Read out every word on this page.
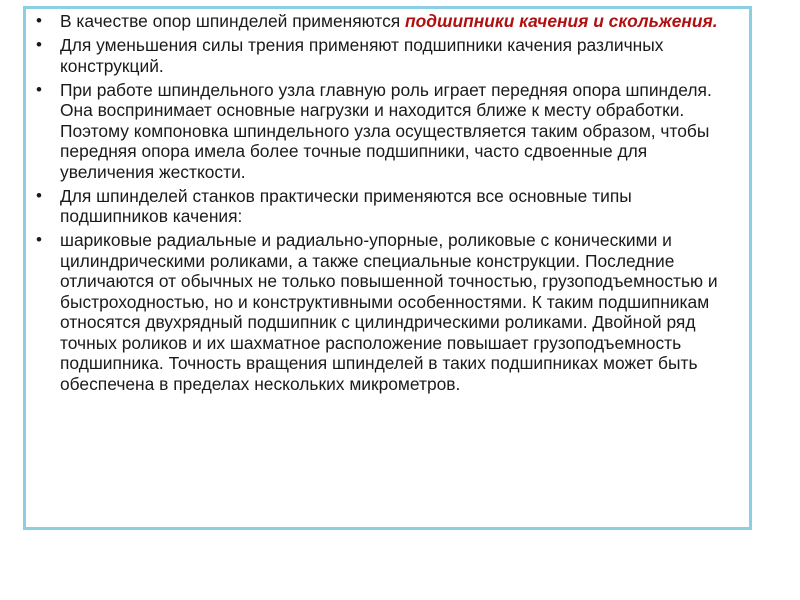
• В качестве опор шпинделей применяются подшипники качения и скольжения.
• Для уменьшения силы трения применяют подшипники качения различных конструкций.
• При работе шпиндельного узла главную роль играет передняя опора шпинделя. Она воспринимает основные нагрузки и находится ближе к месту обработки. Поэтому компоновка шпиндельного узла осуществляется таким образом, чтобы передняя опора имела более точные подшипники, часто сдвоенные для увеличения жесткости.
• Для шпинделей станков практически применяются все основные типы подшипников качения:
• шариковые радиальные и радиально-упорные, роликовые с коническими и цилиндрическими роликами, а также специальные конструкции. Последние отличаются от обычных не только повышенной точностью, грузоподъемностью и быстроходностью, но и конструктивными особенностями. К таким подшипникам относятся двухрядный подшипник с цилиндрическими роликами. Двойной ряд точных роликов и их шахматное расположение повышает грузоподъемность подшипника. Точность вращения шпинделей в таких подшипниках может быть обеспечена в пределах нескольких микрометров.
